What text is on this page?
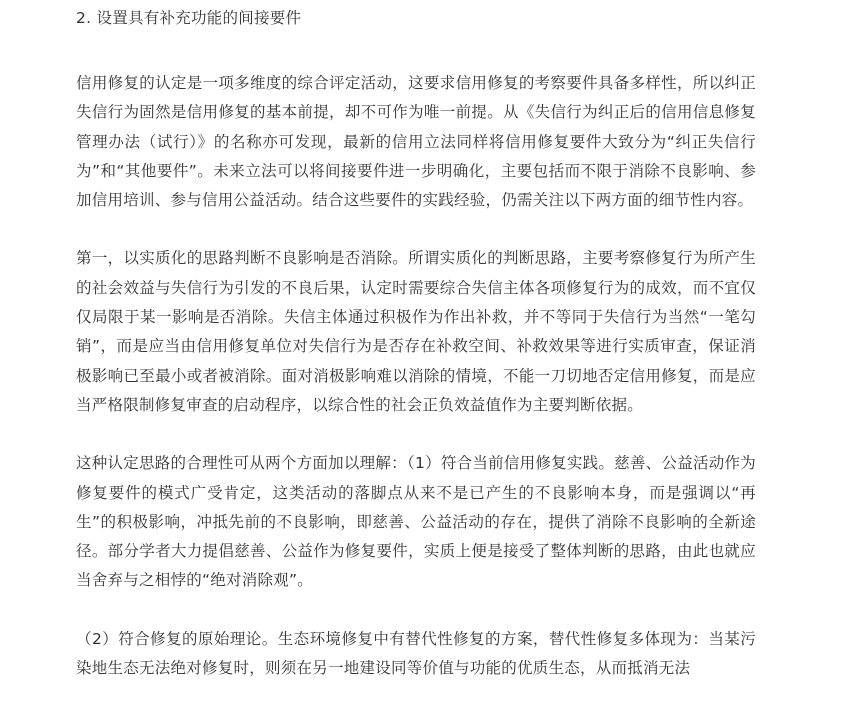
2. 设置具有补充功能的间接要件

信用修复的认定是一项多维度的综合评定活动，这要求信用修复的考察要件具备多样性，所以纠正失信行为固然是信用修复的基本前提，却不可作为唯一前提。从《失信行为纠正后的信用信息修复管理办法（试行）》的名称亦可发现，最新的信用立法同样将信用修复要件大致分为“纠正失信行为”和“其他要件”。未来立法可以将间接要件进一步明确化，主要包括而不限于消除不良影响、参加信用培训、参与信用公益活动。结合这些要件的实践经验，仍需关注以下两方面的细节性内容。

第一，以实质化的思路判断不良影响是否消除。所谓实质化的判断思路，主要考察修复行为所产生的社会效益与失信行为引发的不良后果，认定时需要综合失信主体各项修复行为的成效，而不宜仅仅局限于某一影响是否消除。失信主体通过积极作为作出补救，并不等同于失信行为当然“一笔勾销”，而是应当由信用修复单位对失信行为是否存在补救空间、补救效果等进行实质审查，保证消极影响已至最小或者被消除。面对消极影响难以消除的情境，不能一刀切地否定信用修复，而是应当严格限制修复审查的启动程序，以综合性的社会正负效益值作为主要判断依据。

这种认定思路的合理性可从两个方面加以理解：（1）符合当前信用修复实践。慈善、公益活动作为修复要件的模式广受肯定，这类活动的落脚点从来不是已产生的不良影响本身，而是强调以“再生”的积极影响，冲抵先前的不良影响，即慈善、公益活动的存在，提供了消除不良影响的全新途径。部分学者大力提倡慈善、公益作为修复要件，实质上便是接受了整体判断的思路，由此也就应当舍弃与之相悖的“绝对消除观”。

（2）符合修复的原始理论。生态环境修复中有替代性修复的方案，替代性修复多体现为：当某污染地生态无法绝对修复时，则须在另一地建设同等价值与功能的优质生态，从而抵消无法
